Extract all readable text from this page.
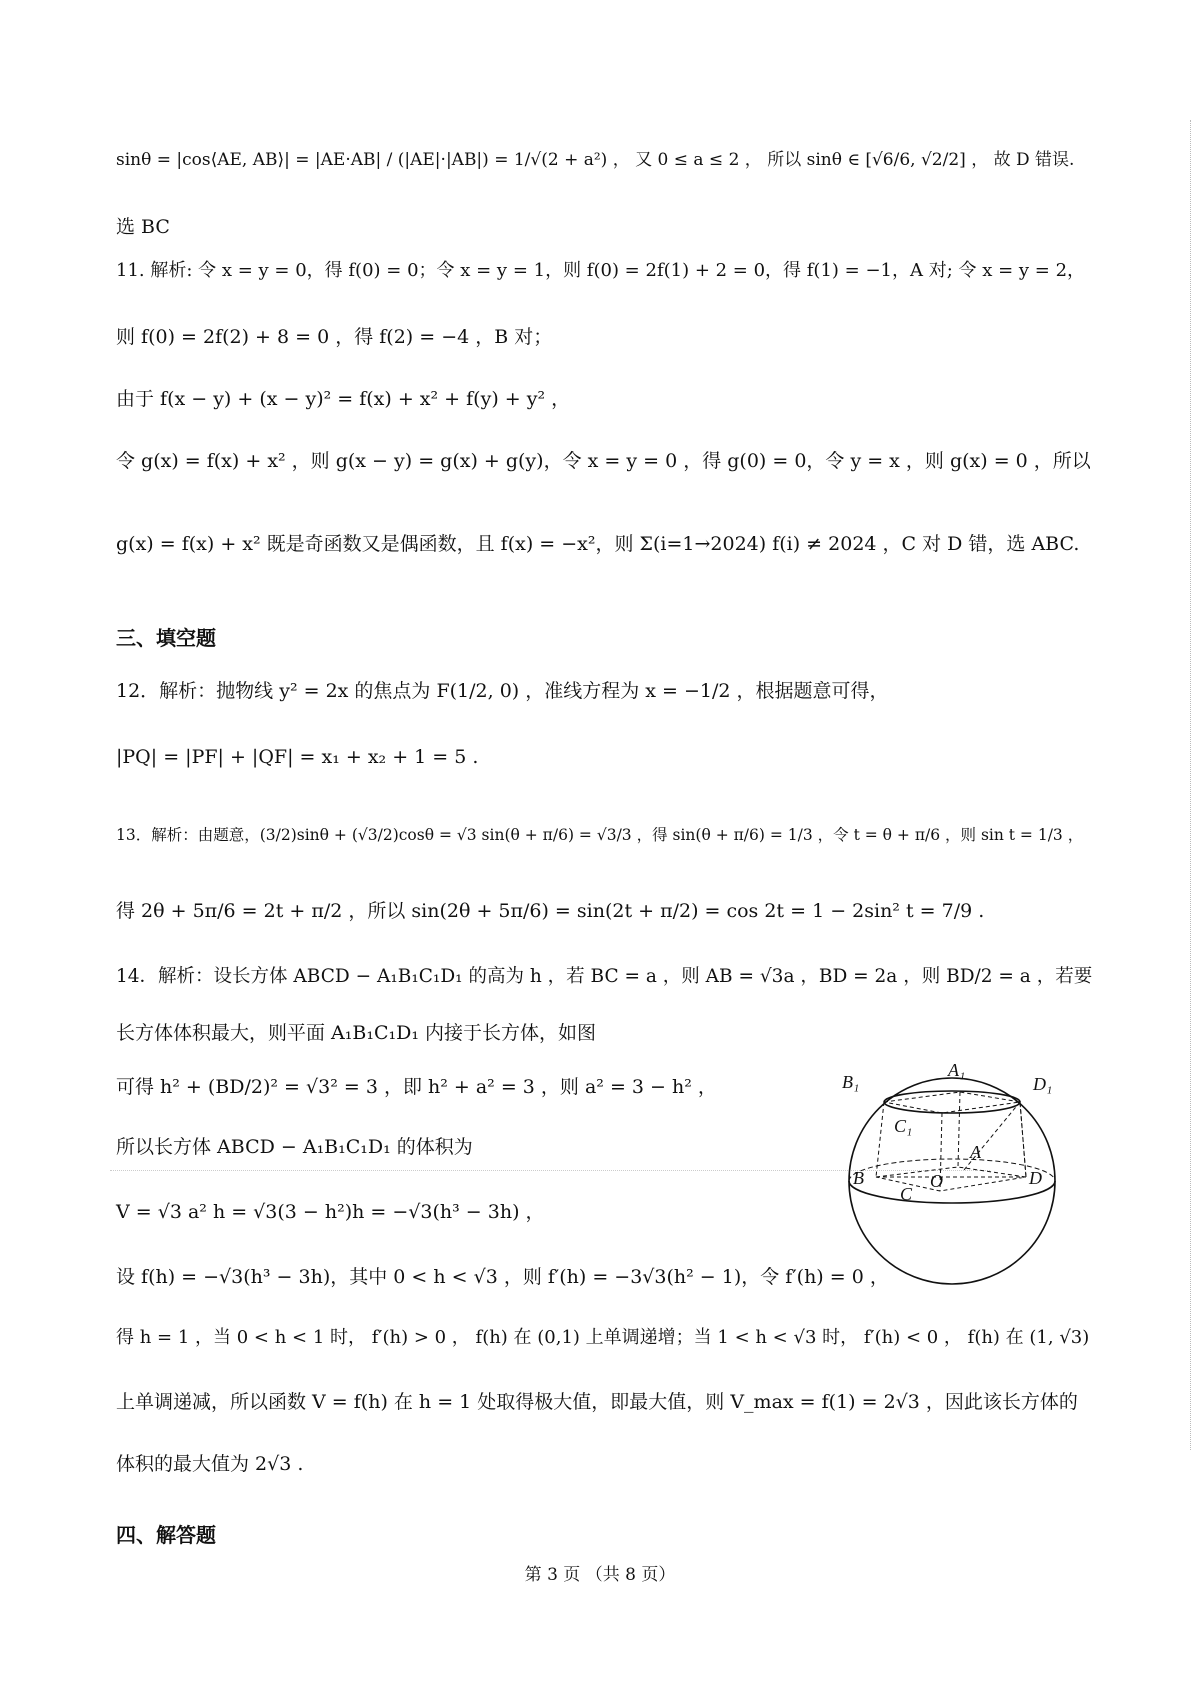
sinθ = |cos⟨AE, AB⟩| = |AE·AB| / (|AE|·|AB|) = 1/√(2 + a²) ， 又 0 ≤ a ≤ 2 ， 所以 sinθ ∈ [√6/6, √2/2] ， 故 D 错误.
选 BC
11. 解析: 令 x = y = 0，得 f(0) = 0；令 x = y = 1，则 f(0) = 2f(1) + 2 = 0，得 f(1) = −1，A 对; 令 x = y = 2，
则 f(0) = 2f(2) + 8 = 0 ，得 f(2) = −4 ，B 对；
由于 f(x − y) + (x − y)² = f(x) + x² + f(y) + y² ，
令 g(x) = f(x) + x² ，则 g(x − y) = g(x) + g(y)，令 x = y = 0 ，得 g(0) = 0，令 y = x ，则 g(x) = 0 ，所以
g(x) = f(x) + x² 既是奇函数又是偶函数，且 f(x) = −x²，则 Σ(i=1→2024) f(i) ≠ 2024 ，C 对 D 错，选 ABC.
12．解析：抛物线 y² = 2x 的焦点为 F(1/2, 0) ，准线方程为 x = −1/2 ，根据题意可得，
|PQ| = |PF| + |QF| = x₁ + x₂ + 1 = 5 .
13．解析：由题意，(3/2)sinθ + (√3/2)cosθ = √3 sin(θ + π/6) = √3/3 ，得 sin(θ + π/6) = 1/3 ，令 t = θ + π/6 ，则 sin t = 1/3 ，
得 2θ + 5π/6 = 2t + π/2 ，所以 sin(2θ + 5π/6) = sin(2t + π/2) = cos 2t = 1 − 2sin² t = 7/9 .
14．解析：设长方体 ABCD − A₁B₁C₁D₁ 的高为 h ，若 BC = a ，则 AB = √3a ，BD = 2a ，则 BD/2 = a ，若要
长方体体积最大，则平面 A₁B₁C₁D₁ 内接于长方体，如图
可得 h² + (BD/2)² = √3² = 3 ，即 h² + a² = 3 ，则 a² = 3 − h² ，
所以长方体 ABCD − A₁B₁C₁D₁ 的体积为
V = √3 a² h = √3(3 − h²)h = −√3(h³ − 3h) ，
设 f(h) = −√3(h³ − 3h)，其中 0 < h < √3 ，则 f′(h) = −3√3(h² − 1)，令 f′(h) = 0 ，
得 h = 1 ，当 0 < h < 1 时， f′(h) > 0 ， f(h) 在 (0,1) 上单调递增；当 1 < h < √3 时， f′(h) < 0 ， f(h) 在 (1, √3)
上单调递减，所以函数 V = f(h) 在 h = 1 处取得极大值，即最大值，则 V_max = f(1) = 2√3 ，因此该长方体的
体积的最大值为 2√3 .
三、填空题
四、解答题
B₁
A₁
D₁
C₁
A
B	O	D
C
第 3 页 （共 8 页）
